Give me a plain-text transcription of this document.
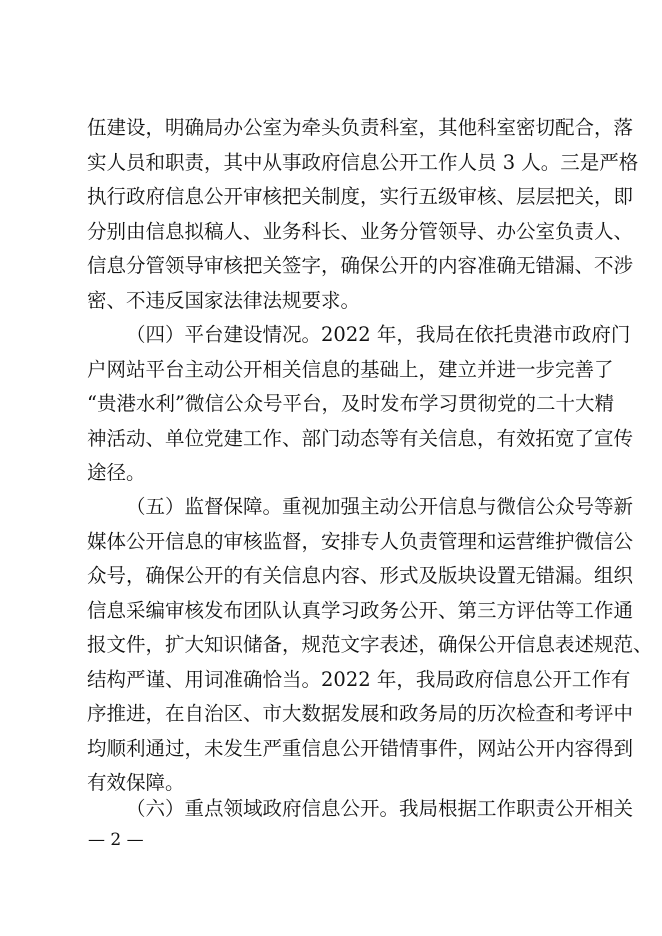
伍建设，明确局办公室为牵头负责科室，其他科室密切配合，落
实人员和职责，其中从事政府信息公开工作人员 3 人。三是严格
执行政府信息公开审核把关制度，实行五级审核、层层把关，即
分别由信息拟稿人、业务科长、业务分管领导、办公室负责人、
信息分管领导审核把关签字，确保公开的内容准确无错漏、不涉
密、不违反国家法律法规要求。
（四）平台建设情况。2022 年，我局在依托贵港市政府门
户网站平台主动公开相关信息的基础上，建立并进一步完善了
“贵港水利”微信公众号平台，及时发布学习贯彻党的二十大精
神活动、单位党建工作、部门动态等有关信息，有效拓宽了宣传
途径。
（五）监督保障。重视加强主动公开信息与微信公众号等新
媒体公开信息的审核监督，安排专人负责管理和运营维护微信公
众号，确保公开的有关信息内容、形式及版块设置无错漏。组织
信息采编审核发布团队认真学习政务公开、第三方评估等工作通
报文件，扩大知识储备，规范文字表述，确保公开信息表述规范、
结构严谨、用词准确恰当。2022 年，我局政府信息公开工作有
序推进，在自治区、市大数据发展和政务局的历次检查和考评中
均顺利通过，未发生严重信息公开错情事件，网站公开内容得到
有效保障。
（六）重点领域政府信息公开。我局根据工作职责公开相关
— 2 —
